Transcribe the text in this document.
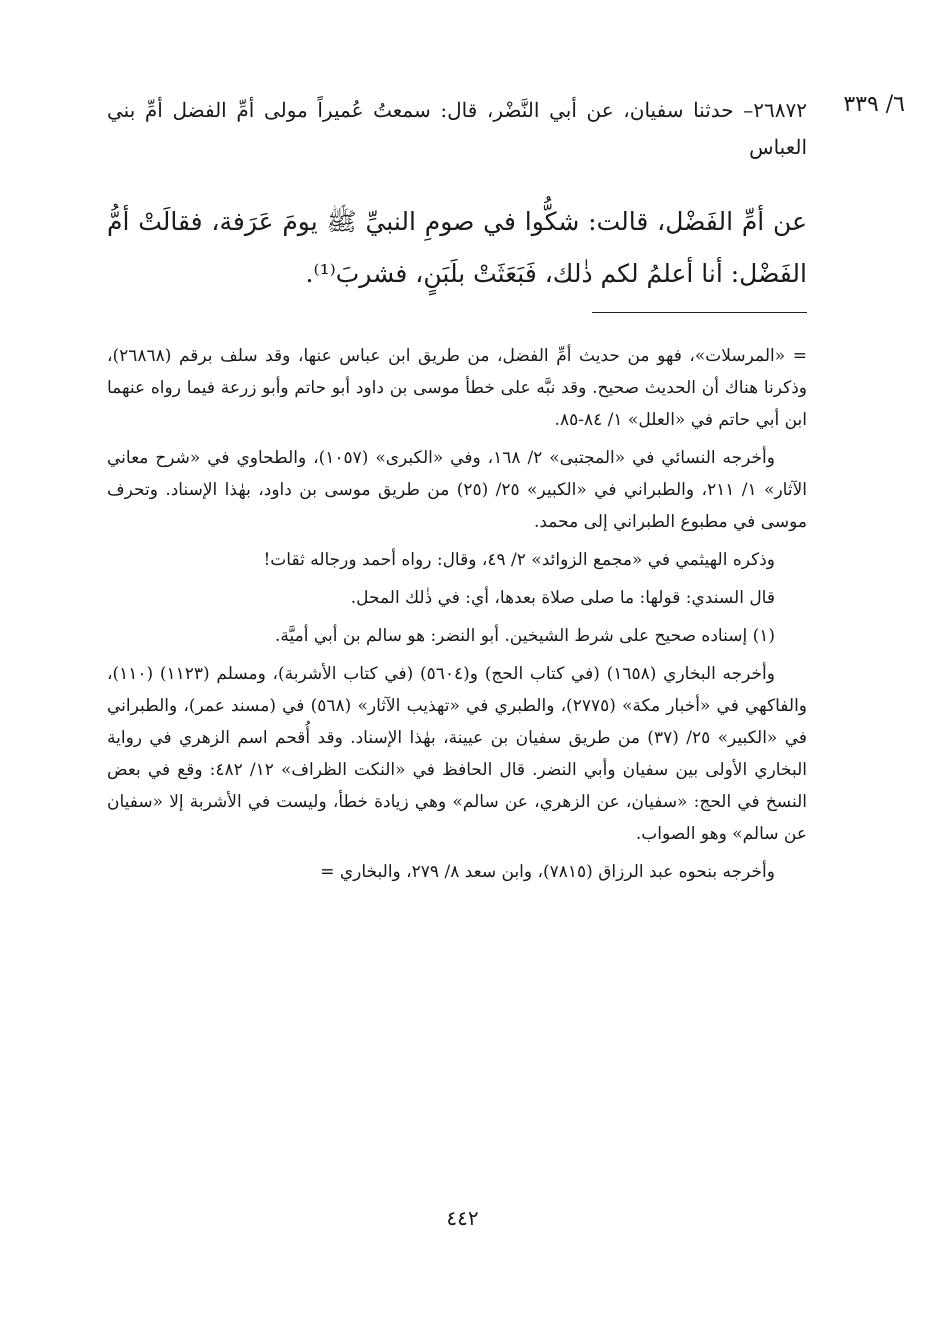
٦/ ٣٣٩
٢٦٨٧٢– حدثنا سفيان، عن أبي النَّضْر، قال: سمعتُ عُميراً مولى أمِّ الفضل أمِّ بني العباس
عن أمِّ الفَضْل، قالت: شكُّوا في صومِ النبيِّ ﷺ يومَ عَرَفة، فقالَتْ أمُّ الفَضْل: أنا أعلمُ لكم ذٰلك، فَبَعَثَتْ بلَبَنٍ، فشربَ⁽¹⁾.

= «المرسلات»، فهو من حديث أمِّ الفضل، من طريق ابن عباس عنها، وقد سلف برقم (٢٦٨٦٨)، وذكرنا هناك أن الحديث صحيح. وقد نبَّه على خطأ موسى بن داود أبو حاتم وأبو زرعة فيما رواه عنهما ابن أبي حاتم في «العلل» ١/ ٨٤-٨٥.

وأخرجه النسائي في «المجتبى» ٢/ ١٦٨، وفي «الكبرى» (١٠٥٧)، والطحاوي في «شرح معاني الآثار» ١/ ٢١١، والطبراني في «الكبير» ٢٥/ (٢٥) من طريق موسى بن داود، بهٰذا الإسناد. وتحرف موسى في مطبوع الطبراني إلى محمد.

وذكره الهيثمي في «مجمع الزوائد» ٢/ ٤٩، وقال: رواه أحمد ورجاله ثقات!

قال السندي: قولها: ما صلى صلاة بعدها، أي: في ذٰلك المحل.

(١) إسناده صحيح على شرط الشيخين. أبو النضر: هو سالم بن أبي أميَّة.

وأخرجه البخاري (١٦٥٨) (في كتاب الحج) و(٥٦٠٤) (في كتاب الأشربة)، ومسلم (١١٢٣) (١١٠)، والفاكهي في «أخبار مكة» (٢٧٧٥)، والطبري في «تهذيب الآثار» (٥٦٨) في (مسند عمر)، والطبراني في «الكبير» ٢٥/ (٣٧) من طريق سفيان بن عيينة، بهٰذا الإسناد. وقد أُقحم اسم الزهري في رواية البخاري الأولى بين سفيان وأبي النضر. قال الحافظ في «النكت الظراف» ١٢/ ٤٨٢: وقع في بعض النسخ في الحج: «سفيان، عن الزهري، عن سالم» وهي زيادة خطأ، وليست في الأشربة إلا «سفيان عن سالم» وهو الصواب.

وأخرجه بنحوه عبد الرزاق (٧٨١٥)، وابن سعد ٨/ ٢٧٩، والبخاري =

٤٤٢
